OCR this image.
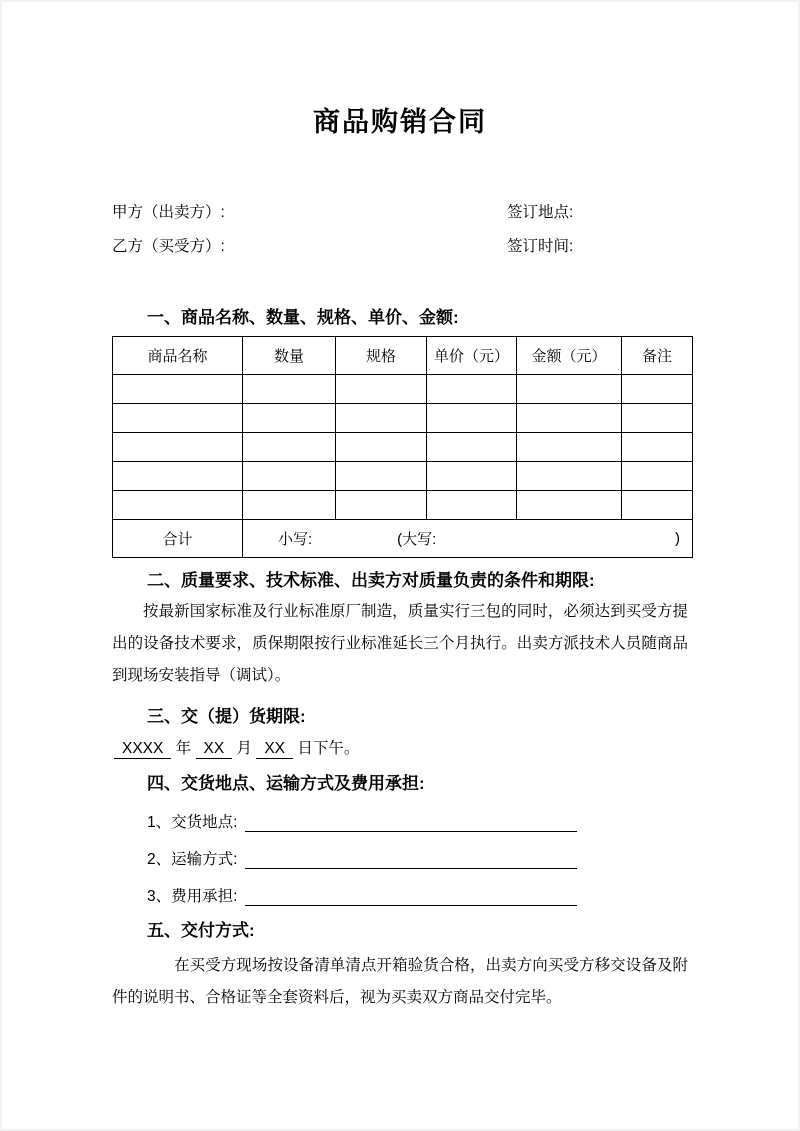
商品购销合同
甲方（出卖方）:	签订地点:
乙方（买受方）:	签订时间:
一、商品名称、数量、规格、单价、金额:
商品名称	数量	规格	单价（元）	金额（元）	备注

合计	小写: (大写: )				
二、质量要求、技术标准、出卖方对质量负责的条件和期限:

按最新国家标准及行业标准原厂制造，质量实行三包的同时，必须达到买受方提出的设备技术要求，质保期限按行业标准延长三个月执行。出卖方派技术人员随商品到现场安装指导（调试）。

三、交（提）货期限:
XXXX 年 XX 月 XX 日下午。
四、交货地点、运输方式及费用承担:
1、交货地点:
2、运输方式:
3、费用承担:
五、交付方式:

在买受方现场按设备清单清点开箱验货合格，出卖方向买受方移交设备及附件的说明书、合格证等全套资料后，视为买卖双方商品交付完毕。
